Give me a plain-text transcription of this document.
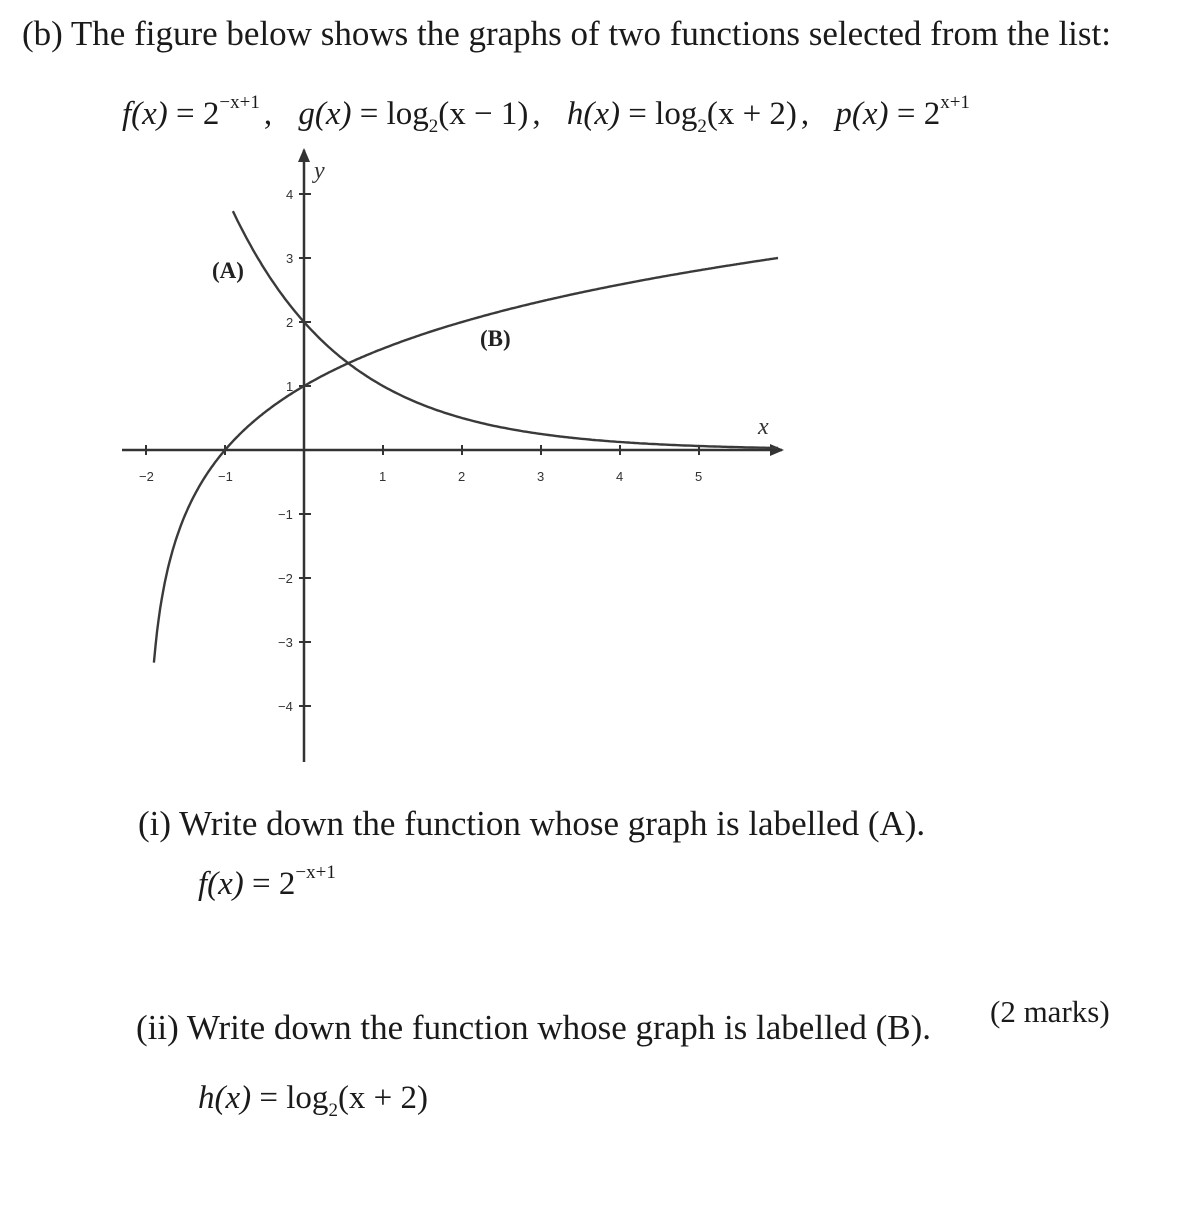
(b) The figure below shows the graphs of two functions selected from the list:
$f(x) = 2^{-x+1}$ , $g(x) = \log_2(x - 1)$ , $h(x) = \log_2(x + 2)$ , $p(x) = 2^{x+1}$
−2	−1	1	2	3	4	5
4
3
2
1
−1
−2
−3
−4
x
y
(A)
(B)
(i) Write down the function whose graph is labelled (A).
$f(x) = 2^{-x+1}$
(ii) Write down the function whose graph is labelled (B). (2 marks)
$h(x) = \log_2(x + 2)$
